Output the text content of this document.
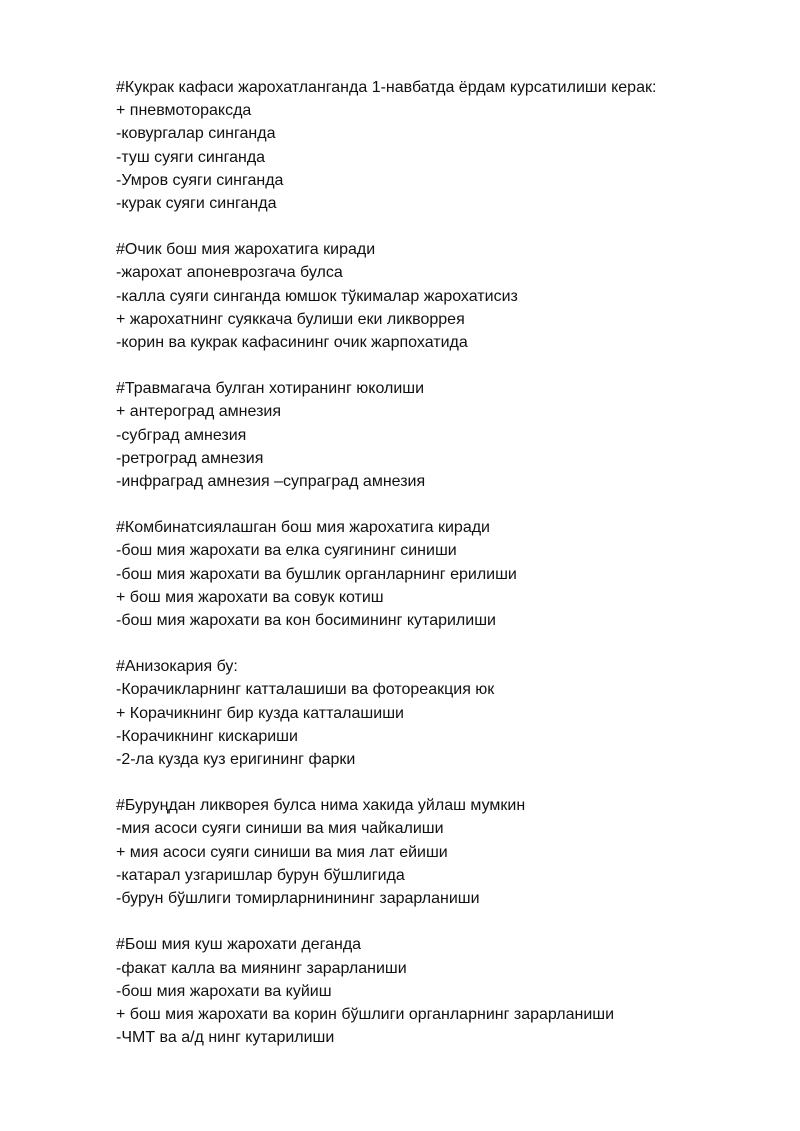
#Кукрак кафаси жарохатланганда 1-навбатда ёрдам курсатилиши керак:
+ пневмотораксда
-ковургалар синганда
-туш суяги синганда
-Умров суяги синганда
-курак суяги синганда
#Очик бош мия жарохатига киради
-жарохат апоневрозгача булса
-калла суяги синганда юмшок тўкималар жарохатисиз
+ жарохатнинг суяккача булиши еки ликворрея
-корин ва кукрак кафасининг очик жарпохатида
#Травмагача булган хотиранинг юколиши
+ антероград амнезия
-субград амнезия
-ретроград амнезия
-инфраград амнезия –супраград амнезия
#Комбинатсиялашган бош мия жарохатига киради
-бош мия жарохати ва елка суягининг синиши
-бош мия жарохати ва бушлик органларнинг ерилиши
+ бош мия жарохати ва совук котиш
-бош мия жарохати ва кон босимининг кутарилиши
#Анизокария бу:
-Корачикларнинг катталашиши ва фотореакция юк
+ Корачикнинг бир кузда катталашиши
-Корачикнинг кискариши
-2-ла кузда куз еригининг фарки
#Буруңдан ликворея булса нима хакида уйлаш мумкин
-мия асоси суяги синиши ва мия чайкалиши
+ мия асоси суяги синиши ва мия лат ейиши
-катарал узгаришлар бурун бўшлигида
-бурун бўшлиги томирларнинининг зарарланиши
#Бош мия куш жарохати деганда
-факат калла ва миянинг зарарланиши
-бош мия жарохати ва куйиш
+ бош мия жарохати ва корин бўшлиги органларнинг зарарланиши
-ЧМТ ва а/д нинг кутарилиши
